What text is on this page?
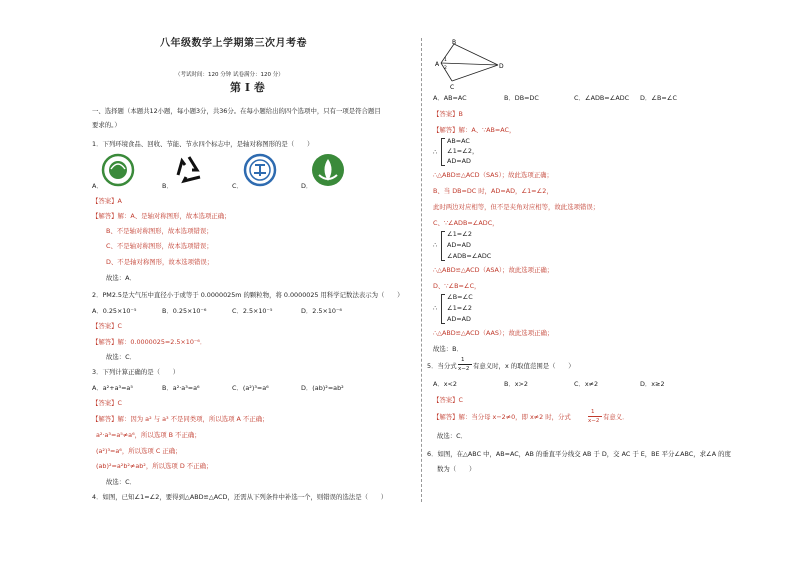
八年级数学上学期第三次月考卷
（考试时间：120 分钟 试卷满分：120 分）
第 Ⅰ 卷
一、选择题（本题共12小题，每小题3分，共36分。在每小题给出的四个选项中，只有一项是符合题目
要求的。）
1．下列环境食品、回收、节能、节水四个标志中，是轴对称图形的是（　　）
A．	B．	C．	D．
【答案】A
【解答】解：A、是轴对称图形，故本选项正确；
B、不是轴对称图形，故本选项错误；
C、不是轴对称图形，故本选项错误；
D、不是轴对称图形，故本选项错误；
故选：A．
2．PM2.5是大气压中直径小于或等于 0.0000025m 的颗粒物，将 0.0000025 用科学记数法表示为（　　）
A．0.25×10⁻⁵	B．0.25×10⁻⁶	C．2.5×10⁻⁵	D．2.5×10⁻⁶
【答案】C
【解答】解：0.0000025=2.5×10⁻⁶．
故选：C．
3．下列计算正确的是（　　）
A．a²+a³=a⁵	B．a²·a³=a⁶	C．(a²)³=a⁶	D．(ab)²=ab²
【答案】C
【解答】解：因为 a² 与 a³ 不是同类项，所以选项 A 不正确；
a²·a³=a⁵≠a⁶，所以选项 B 不正确；
(a²)³=a⁶，所以选项 C 正确；
(ab)²=a²b²≠ab²，所以选项 D 不正确；
故选：C．
4．如图，已知∠1=∠2，要得到△ABD≌△ACD，还需从下列条件中补选一个，则错误的选法是（　　）
B
A
1
2	D
C
A．AB=AC	B．DB=DC	C．∠ADB=∠ADC D．∠B=∠C
【答案】B
【解答】解：A、∵AB=AC，
∴
AB=AC
∠1=∠2，
AD=AD
∴△ABD≌△ACD（SAS）；故此选项正确；
B、当 DB=DC 时，AD=AD，∠1=∠2，
此时两边对应相等，但不是夹角对应相等，故此选项错误；
C、∵∠ADB=∠ADC，
∴
∠1=∠2
AD=AD
∠ADB=∠ADC
∴△ABD≌△ACD（ASA）；故此选项正确；
D、∵∠B=∠C，
∴
∠B=∠C
∠1=∠2
AD=AD
∴△ABD≌△ACD（AAS）；故此选项正确；
故选：B．
5．当分式
1
x−2 有意义时，x 的取值范围是（　　）
A．x<2	B．x>2	C．x≠2	D．x≥2
【答案】C
【解答】解：当分母 x−2≠0，即 x≠2 时，分式
1
x−2 有意义．
故选：C．
6．如图，在△ABC 中，AB=AC，AB 的垂直平分线交 AB 于 D，交 AC 于 E，BE 平分∠ABC，求∠A 的度
数为（　　）
